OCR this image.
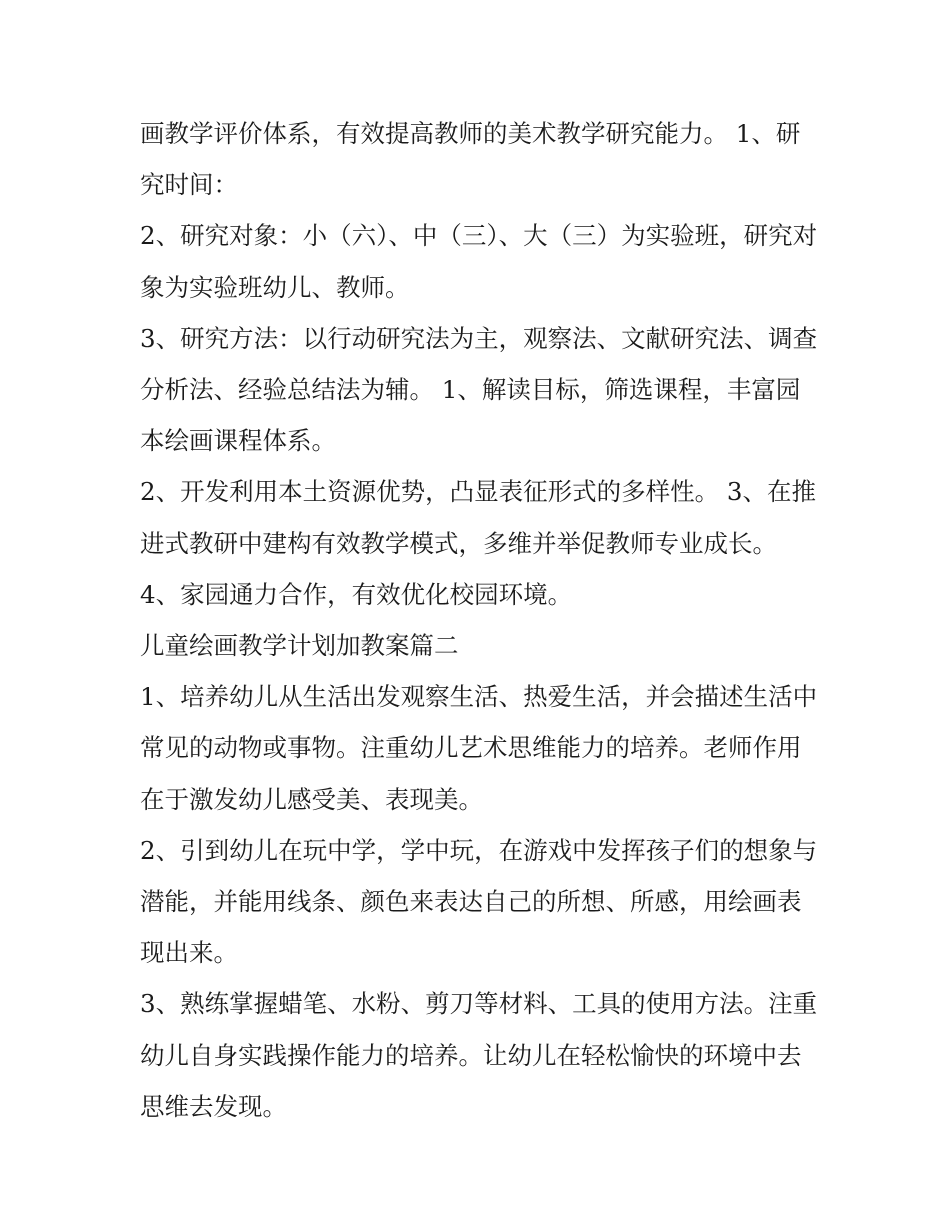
画教学评价体系，有效提高教师的美术教学研究能力。 1、研究时间：

2、研究对象：小（六）、中（三）、大（三）为实验班，研究对象为实验班幼儿、教师。

3、研究方法：以行动研究法为主，观察法、文献研究法、调查分析法、经验总结法为辅。 1、解读目标，筛选课程，丰富园本绘画课程体系。

2、开发利用本土资源优势，凸显表征形式的多样性。 3、在推进式教研中建构有效教学模式，多维并举促教师专业成长。

4、家园通力合作，有效优化校园环境。

儿童绘画教学计划加教案篇二

1、培养幼儿从生活出发观察生活、热爱生活，并会描述生活中常见的动物或事物。注重幼儿艺术思维能力的培养。老师作用在于激发幼儿感受美、表现美。

2、引到幼儿在玩中学，学中玩，在游戏中发挥孩子们的想象与潜能，并能用线条、颜色来表达自己的所想、所感，用绘画表现出来。

3、熟练掌握蜡笔、水粉、剪刀等材料、工具的使用方法。注重幼儿自身实践操作能力的培养。让幼儿在轻松愉快的环境中去思维去发现。
